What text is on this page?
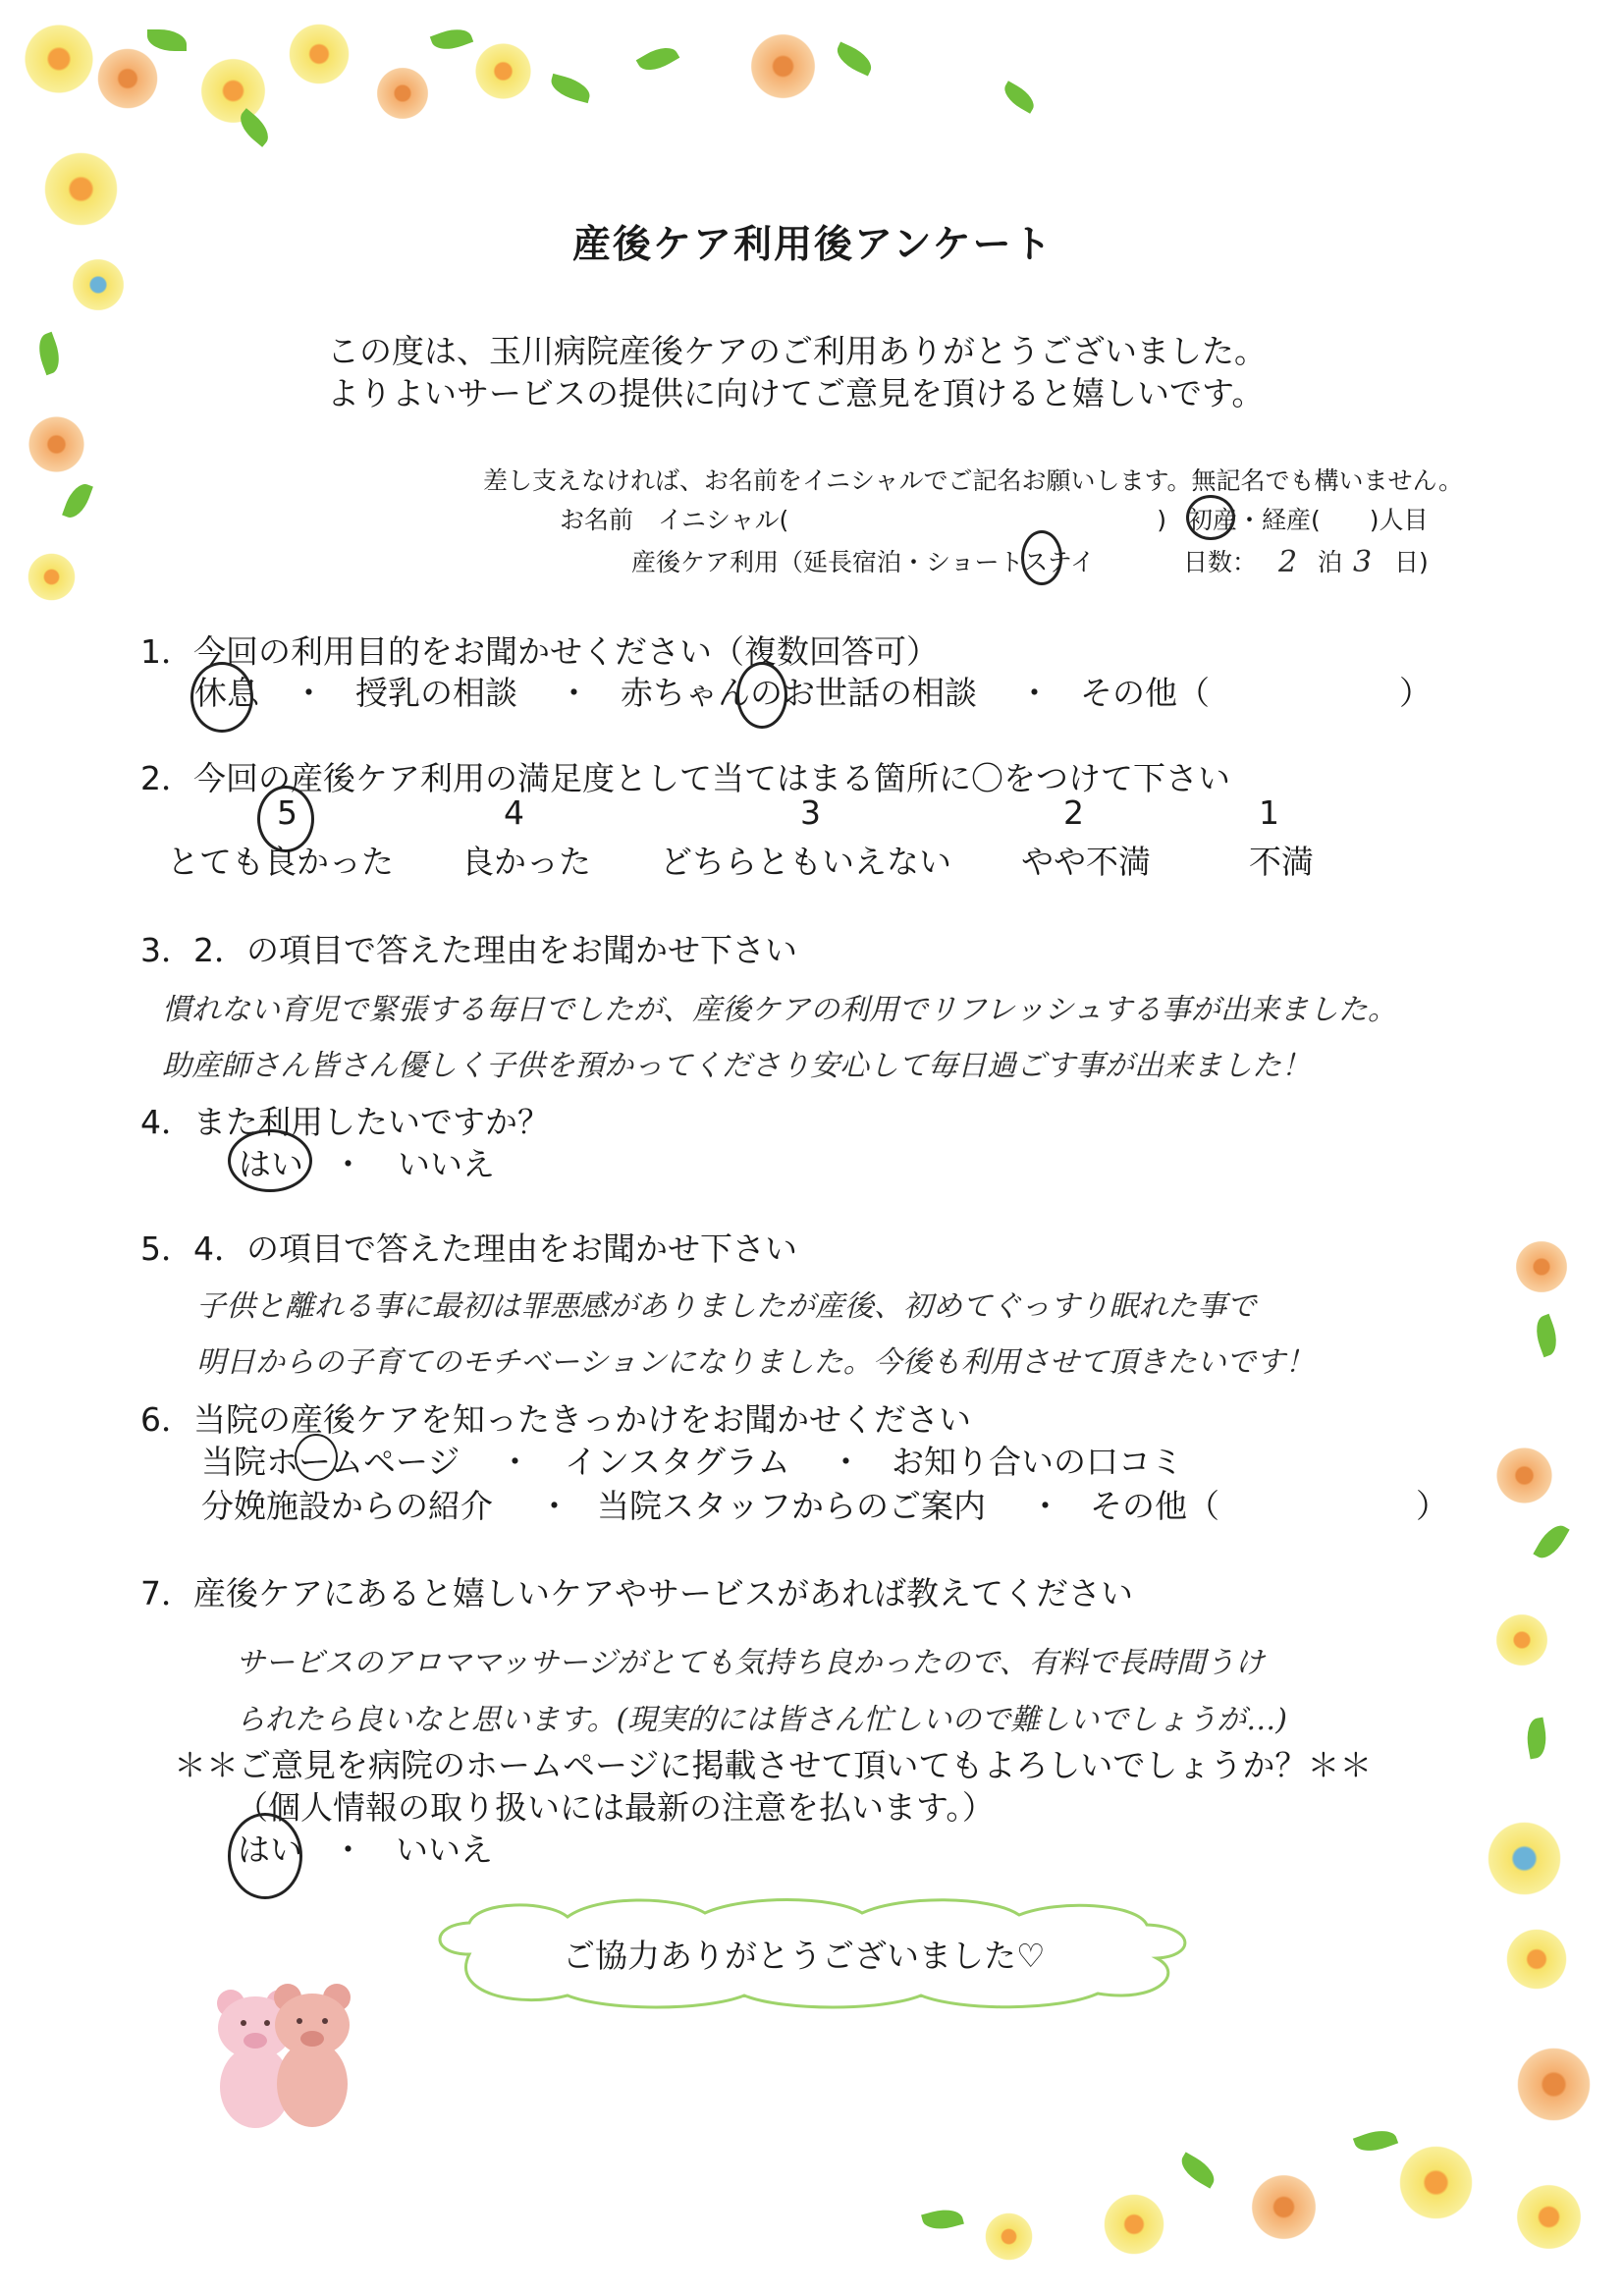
産後ケア利用後アンケート
この度は、玉川病院産後ケアのご利用ありがとうございました。
よりよいサービスの提供に向けてご意見を頂けると嬉しいです。
差し支えなければ、お名前をイニシャルでご記名お願いします。無記名でも構いません。
お名前　イニシャル(　　　　　　　　　　　　　　　) 初産・経産(　　)人目
産後ケア利用（延長宿泊・ショートステイ	日数： 2 泊 3 日)
1．今回の利用目的をお聞かせください（複数回答可）
休息 ・ 授乳の相談 ・ 赤ちゃんのお世話の相談 ・ その他（	）
2．今回の産後ケア利用の満足度として当てはまる箇所に〇をつけて下さい
5	4	3	2	1
とても良かった 良かった どちらともいえない やや不満	不満
3．2．の項目で答えた理由をお聞かせ下さい
慣れない育児で緊張する毎日でしたが、産後ケアの利用でリフレッシュする事が出来ました。
助産師さん皆さん優しく子供を預かってくださり安心して毎日過ごす事が出来ました！
4．また利用したいですか？
はい ・ いいえ
5．4．の項目で答えた理由をお聞かせ下さい
子供と離れる事に最初は罪悪感がありましたが産後、初めてぐっすり眠れた事で
明日からの子育てのモチベーションになりました。今後も利用させて頂きたいです！
6．当院の産後ケアを知ったきっかけをお聞かせください
当院ホームページ ・ インスタグラム ・ お知り合いの口コミ
分娩施設からの紹介 ・ 当院スタッフからのご案内 ・ その他（	）
7．産後ケアにあると嬉しいケアやサービスがあれば教えてください
サービスのアロママッサージがとても気持ち良かったので、有料で長時間うけ
られたら良いなと思います。(現実的には皆さん忙しいので難しいでしょうが…)
＊＊ご意見を病院のホームページに掲載させて頂いてもよろしいでしょうか？＊＊
（個人情報の取り扱いには最新の注意を払います。）
はい ・ いいえ
ご協力ありがとうございました♡
